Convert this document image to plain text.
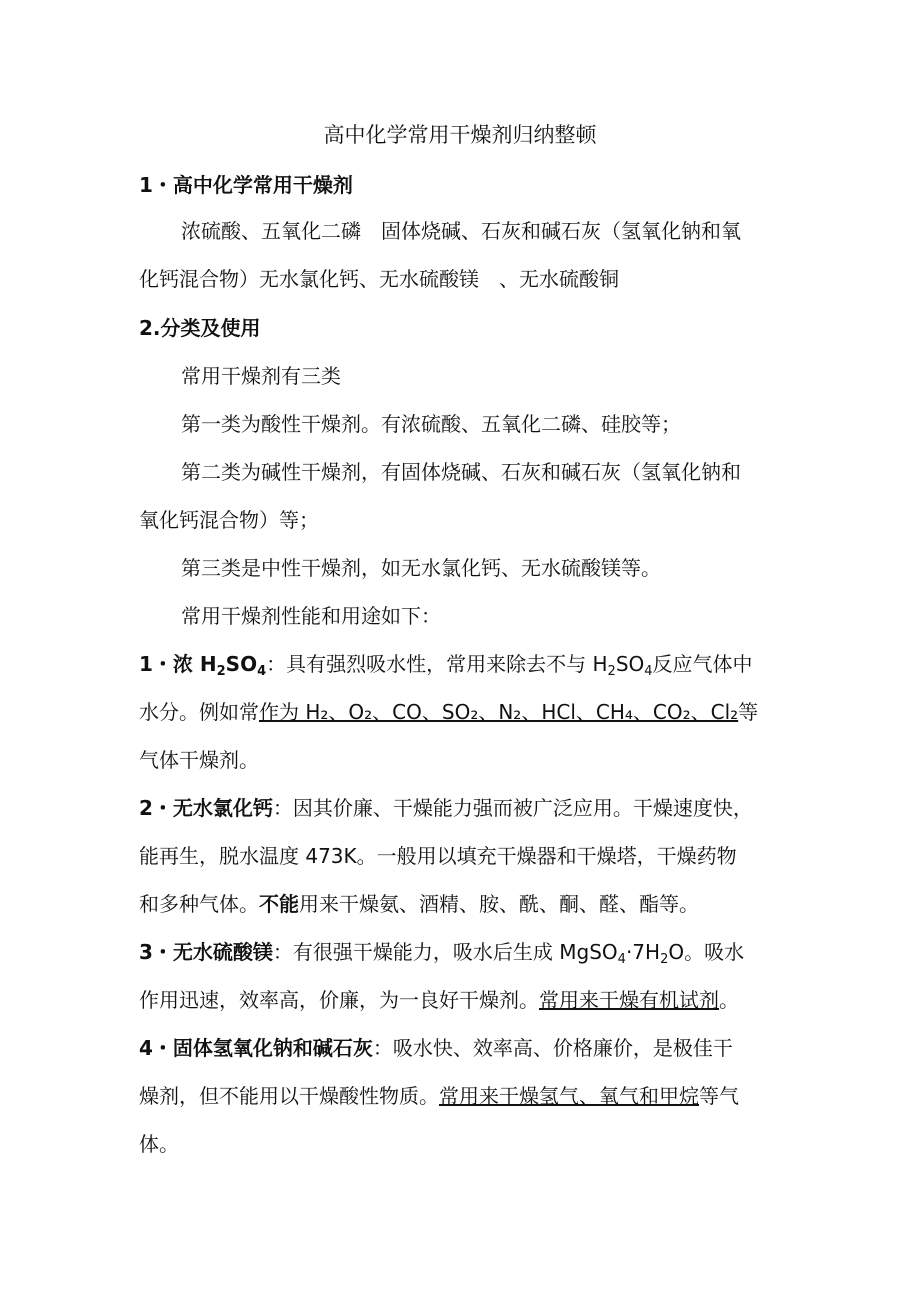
高中化学常用干燥剂归纳整顿
1・高中化学常用干燥剂
浓硫酸、五氧化二磷　固体烧碱、石灰和碱石灰（氢氧化钠和氧
化钙混合物）无水氯化钙、无水硫酸镁　、无水硫酸铜
2.分类及使用
常用干燥剂有三类
第一类为酸性干燥剂。有浓硫酸、五氧化二磷、硅胶等；
第二类为碱性干燥剂，有固体烧碱、石灰和碱石灰（氢氧化钠和
氧化钙混合物）等；
第三类是中性干燥剂，如无水氯化钙、无水硫酸镁等。
常用干燥剂性能和用途如下：
1・浓 $H_2SO_4$：具有强烈吸水性，常用来除去不与 $H_2SO_4$反应气体中
水分。例如常作为 H₂、O₂、CO、SO₂、N₂、HCl、CH₄、CO₂、Cl₂等
气体干燥剂。
2・无水氯化钙：因其价廉、干燥能力强而被广泛应用。干燥速度快，
能再生，脱水温度 473K。一般用以填充干燥器和干燥塔，干燥药物
和多种气体。不能用来干燥氨、酒精、胺、酰、酮、醛、酯等。
3・无水硫酸镁：有很强干燥能力，吸水后生成 $MgSO_4\cdot 7H_2O$。吸水
作用迅速，效率高，价廉，为一良好干燥剂。常用来干燥有机试剂。
4・固体氢氧化钠和碱石灰：吸水快、效率高、价格廉价，是极佳干
燥剂，但不能用以干燥酸性物质。常用来干燥氢气、氧气和甲烷等气
体。
